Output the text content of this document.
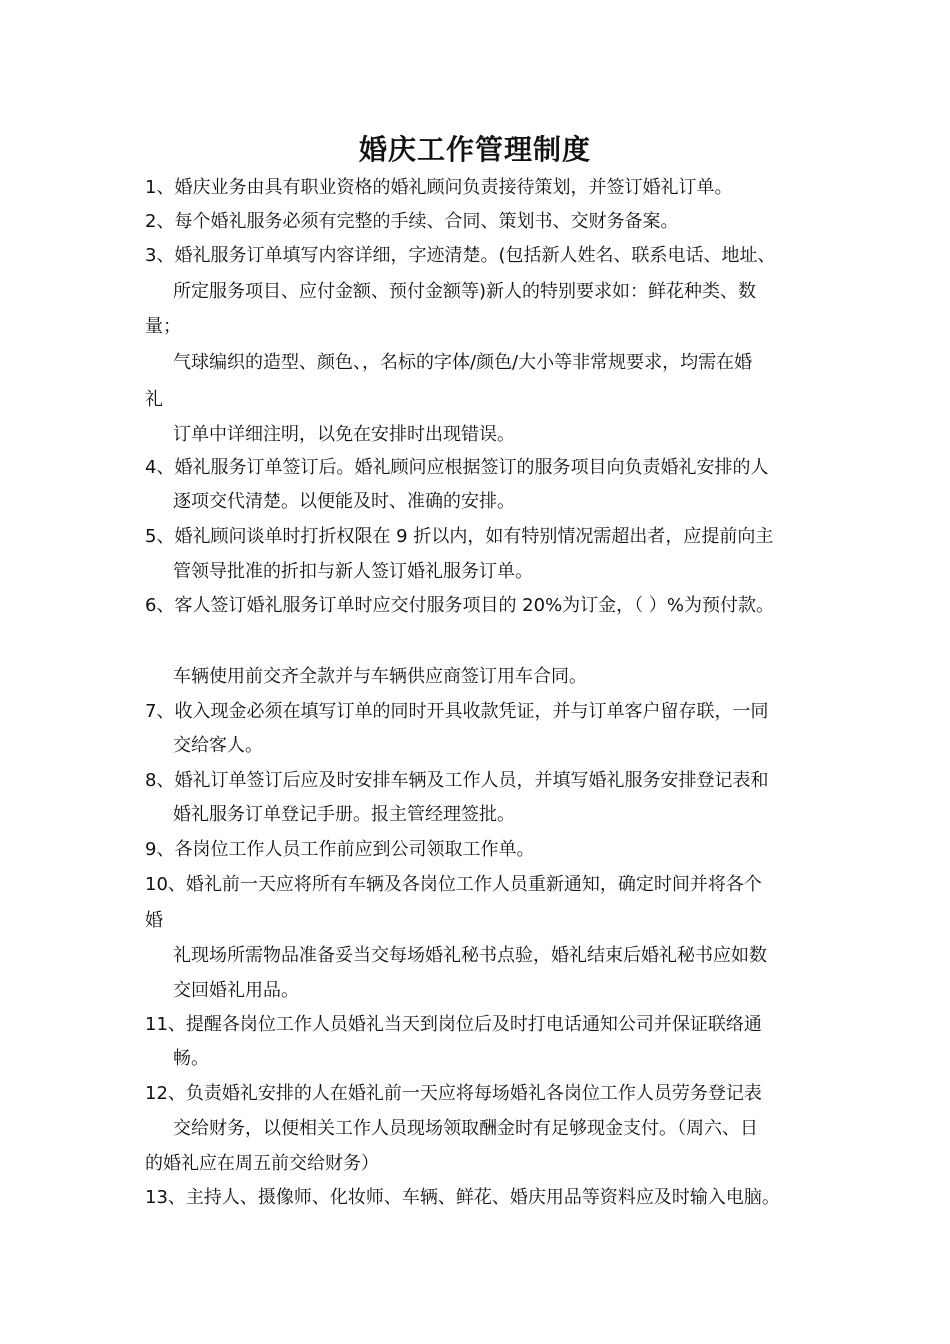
婚庆工作管理制度
1、婚庆业务由具有职业资格的婚礼顾问负责接待策划，并签订婚礼订单。
2、每个婚礼服务必须有完整的手续、合同、策划书、交财务备案。
3、婚礼服务订单填写内容详细，字迹清楚。(包括新人姓名、联系电话、地址、
所定服务项目、应付金额、预付金额等)新人的特别要求如：鲜花种类、数
量；
气球编织的造型、颜色、，名标的字体/颜色/大小等非常规要求，均需在婚
礼
订单中详细注明，以免在安排时出现错误。
4、婚礼服务订单签订后。婚礼顾问应根据签订的服务项目向负责婚礼安排的人
逐项交代清楚。以便能及时、准确的安排。
5、婚礼顾问谈单时打折权限在 9 折以内，如有特别情况需超出者，应提前向主
管领导批准的折扣与新人签订婚礼服务订单。
6、客人签订婚礼服务订单时应交付服务项目的 20%为订金，（ ）%为预付款。
车辆使用前交齐全款并与车辆供应商签订用车合同。
7、收入现金必须在填写订单的同时开具收款凭证，并与订单客户留存联，一同
交给客人。
8、婚礼订单签订后应及时安排车辆及工作人员，并填写婚礼服务安排登记表和
婚礼服务订单登记手册。报主管经理签批。
9、各岗位工作人员工作前应到公司领取工作单。
10、婚礼前一天应将所有车辆及各岗位工作人员重新通知，确定时间并将各个
婚
礼现场所需物品准备妥当交每场婚礼秘书点验，婚礼结束后婚礼秘书应如数
交回婚礼用品。
11、提醒各岗位工作人员婚礼当天到岗位后及时打电话通知公司并保证联络通
畅。
12、负责婚礼安排的人在婚礼前一天应将每场婚礼各岗位工作人员劳务登记表
交给财务，以便相关工作人员现场领取酬金时有足够现金支付。（周六、日
的婚礼应在周五前交给财务）
13、主持人、摄像师、化妆师、车辆、鲜花、婚庆用品等资料应及时输入电脑。
